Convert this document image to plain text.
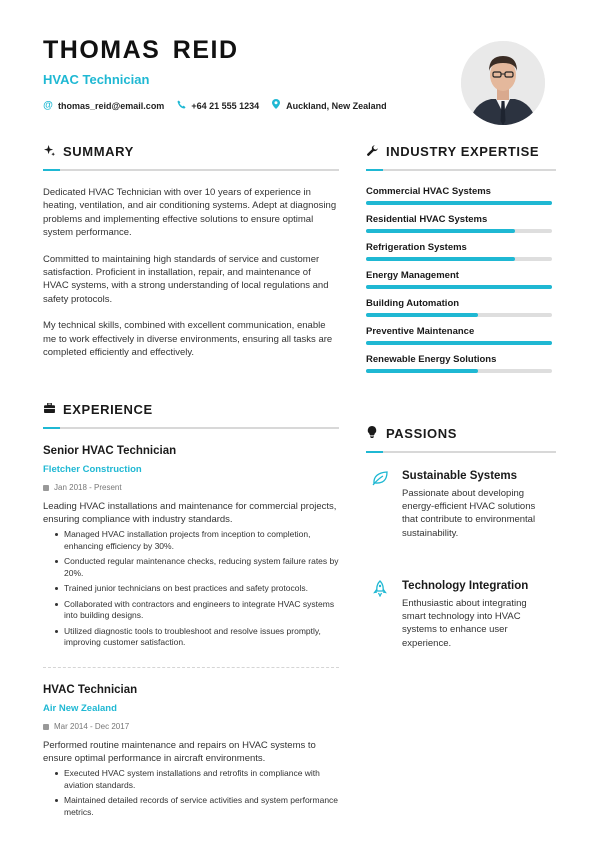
THOMAS REID
HVAC Technician
@ thomas_reid@email.com	+64 21 555 1234	Auckland, New Zealand
SUMMARY

Dedicated HVAC Technician with over 10 years of experience in heating, ventilation, and air conditioning systems. Adept at diagnosing problems and implementing effective solutions to ensure optimal system performance.

Committed to maintaining high standards of service and customer satisfaction. Proficient in installation, repair, and maintenance of HVAC systems, with a strong understanding of local regulations and safety protocols.

My technical skills, combined with excellent communication, enable me to work effectively in diverse environments, ensuring all tasks are completed efficiently and effectively.

INDUSTRY EXPERTISE
Commercial HVAC Systems
Residential HVAC Systems
Refrigeration Systems
Energy Management
Building Automation
Preventive Maintenance
Renewable Energy Solutions
EXPERIENCE
Senior HVAC Technician
Fletcher Construction
Jan 2018 - Present
Leading HVAC installations and maintenance for commercial projects, ensuring compliance with industry standards.
Managed HVAC installation projects from inception to completion, enhancing efficiency by 30%.
Conducted regular maintenance checks, reducing system failure rates by 20%.
Trained junior technicians on best practices and safety protocols.
Collaborated with contractors and engineers to integrate HVAC systems into building designs.
Utilized diagnostic tools to troubleshoot and resolve issues promptly, improving customer satisfaction.
HVAC Technician
Air New Zealand
Mar 2014 - Dec 2017
Performed routine maintenance and repairs on HVAC systems to ensure optimal performance in aircraft environments.
Executed HVAC system installations and retrofits in compliance with aviation standards.
Maintained detailed records of service activities and system performance metrics.
PASSIONS
Sustainable Systems
Passionate about developing energy-efficient HVAC solutions that contribute to environmental sustainability.
Technology Integration
Enthusiastic about integrating smart technology into HVAC systems to enhance user experience.
